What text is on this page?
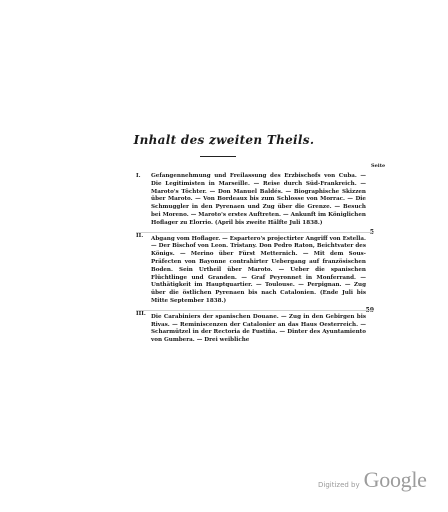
Inhalt des zweiten Theils.
Seite
I.	Gefangennehmung und Freilassung des Erzbischofs von Cuba. — Die Legitimisten in Marseille. — Reise durch Süd-Frankreich. — Maroto's Töchter. — Don Manuel Baldés. — Biographische Skizzen über Maroto. — Von Bordeaux bis zum Schlosse von Morrac. — Die Schmuggler in den Pyrenaen und Zug über die Grenze. — Besuch bei Moreno. — Maroto's erstes Auftreten. — Ankunft im Königlichen Hoflager zu Elorrio. (April bis zweite Hälfte Juli 1838.)
5
II.	Abgang vom Hoflager. — Espartero's projectirter Angriff von Estella. — Der Bischof von Leon. Tristany. Don Pedro Raton, Beichtvater des Königs. — Merino über Fürst Metternich. — Mit dem Sous-Präfecten von Bayonne contrahirter Uebergang auf französischen Boden. Sein Urtheil über Maroto. — Ueber die spanischen Flüchtlinge und Granden. — Graf Peyronnet in Monferrand. — Unthätigkeit im Hauptquartier. — Toulouse. — Perpignan. — Zug über die östlichen Pyrenaen bis nach Catalonien. (Ende Juli bis Mitte September 1838.)
59
III. Die Carabiniers der spanischen Douane. — Zug in den Gebirgen bis Rivas. — Reminiscenzen der Catalonier an das Haus Oesterreich. — Scharmützel in der Rectoria de Fustiña. — Dinter des Ayuntamiento von Gumbera. — Drei weibliche
Digitized by Google
